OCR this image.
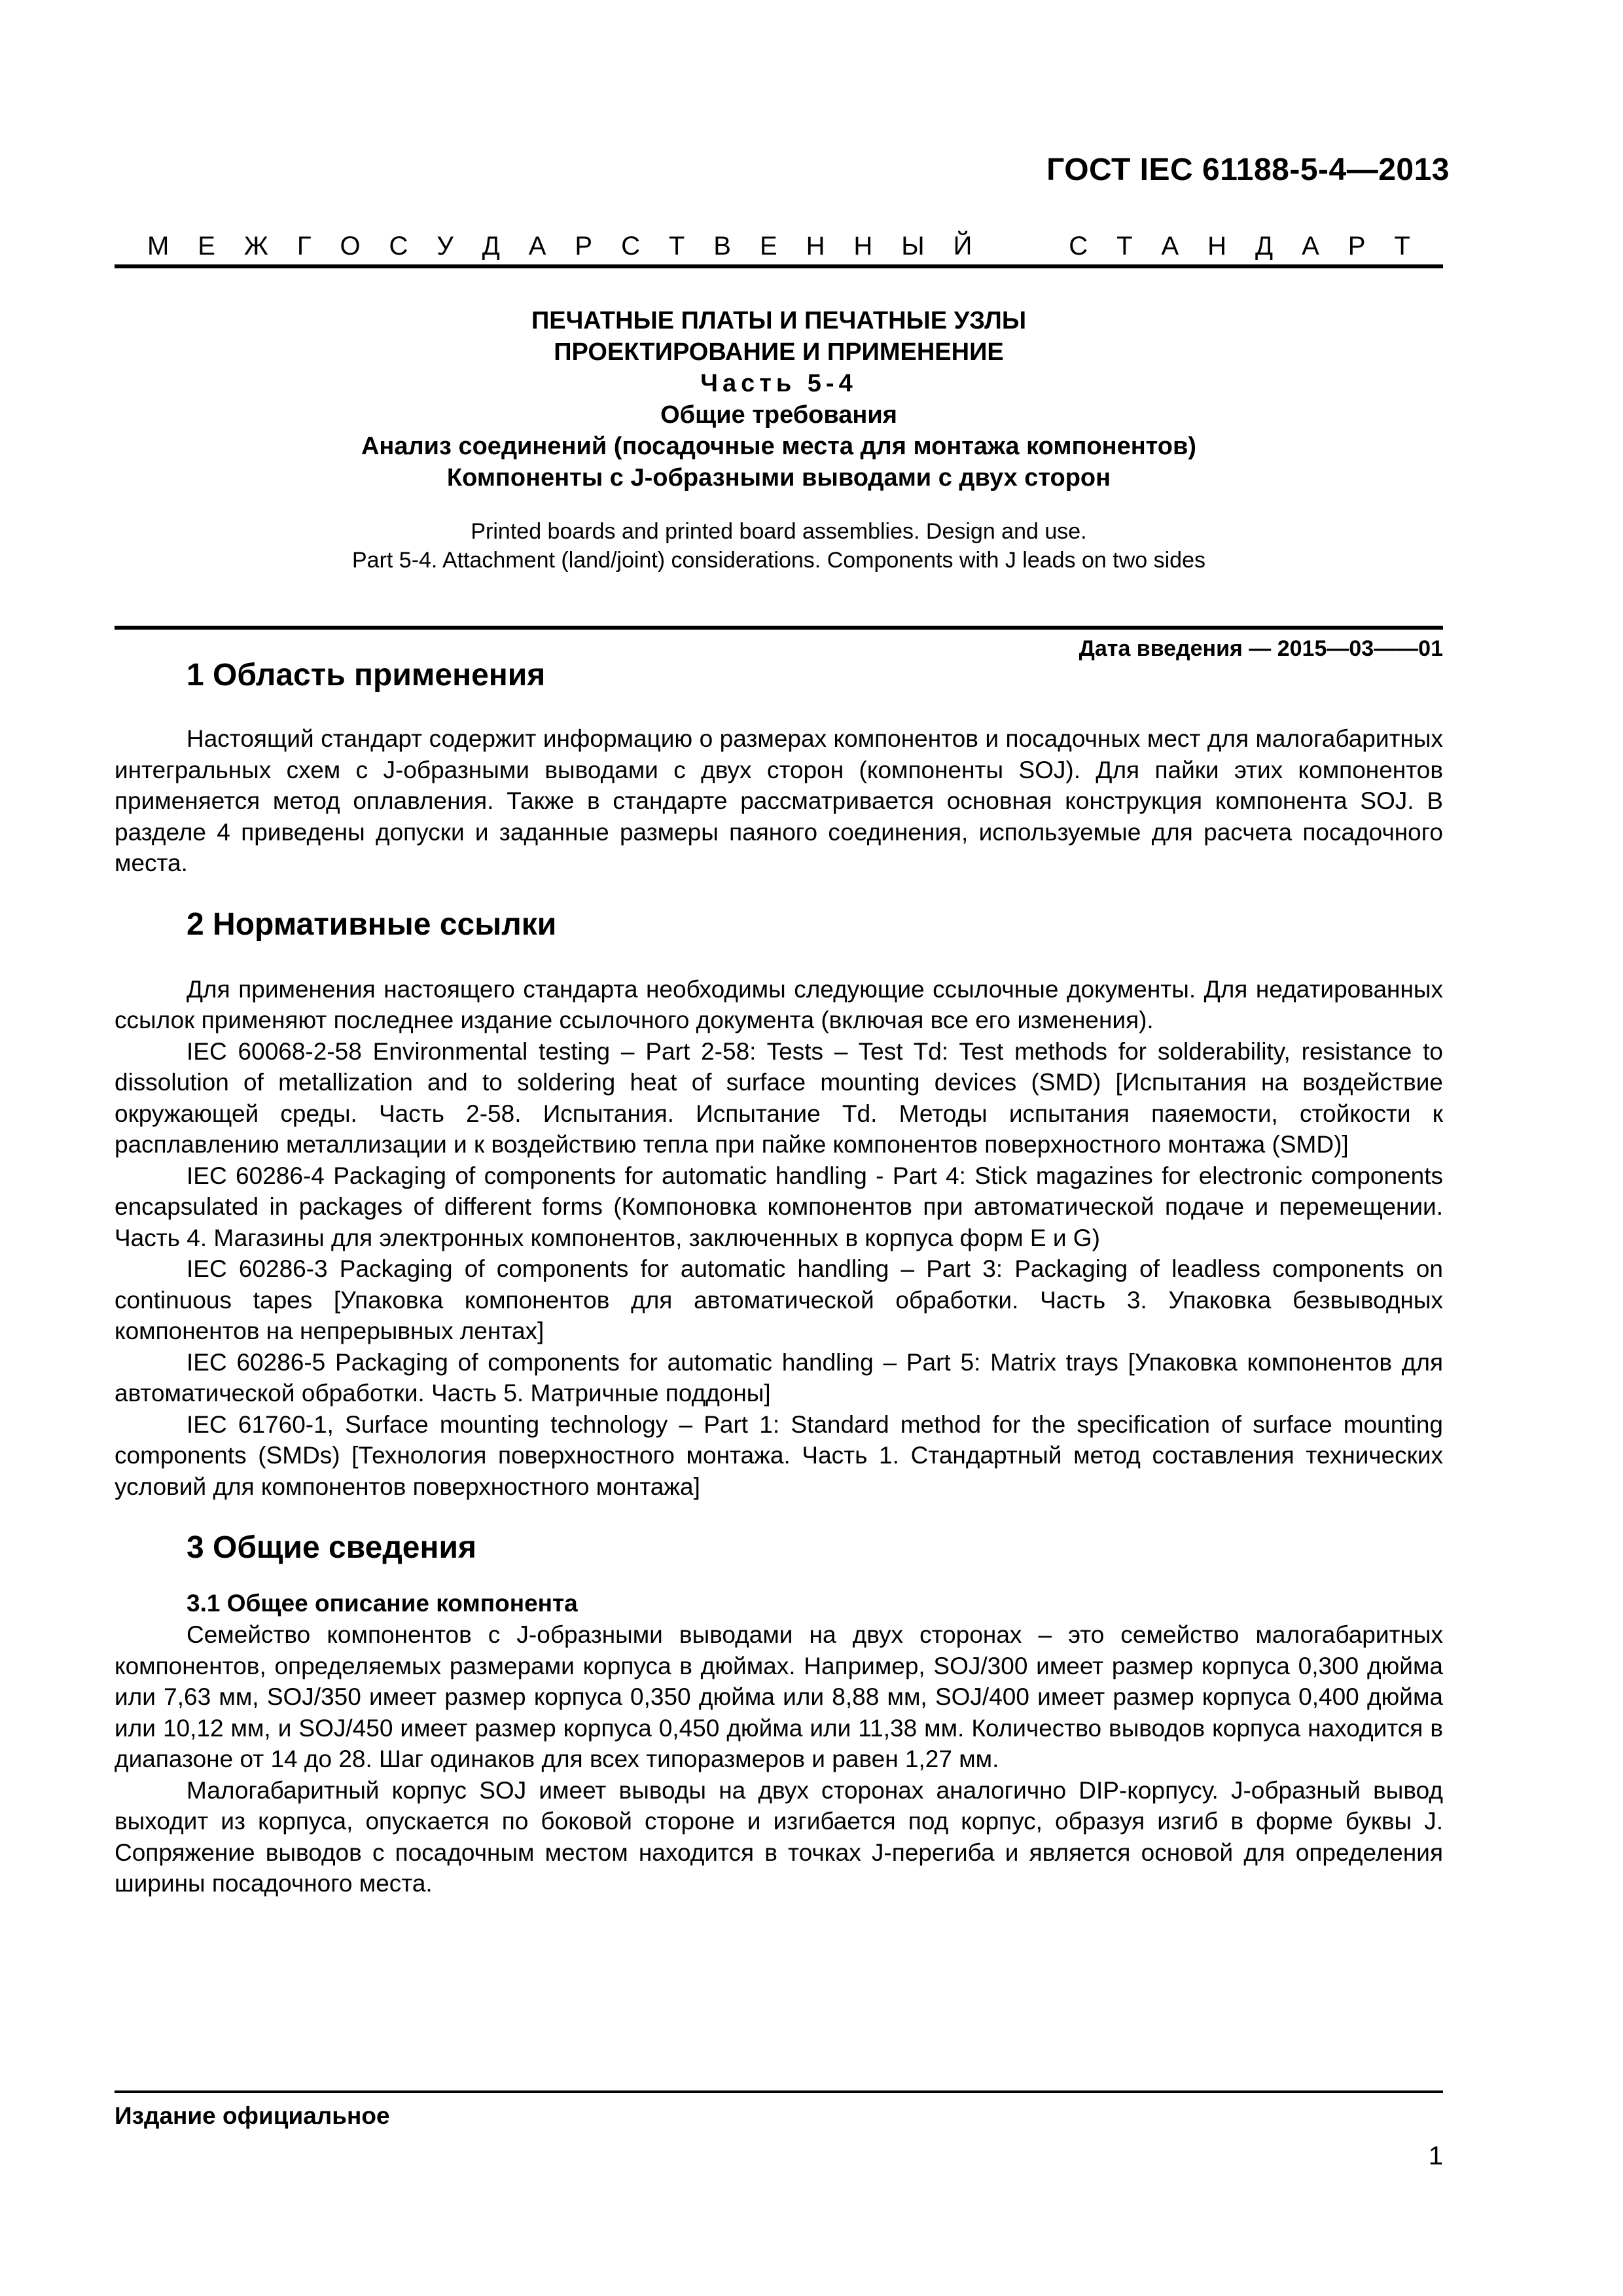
ГОСТ IEC 61188-5-4—2013
М Е Ж Г О С У Д А Р С Т В Е Н Н Ы Й	С Т А Н Д А Р Т
ПЕЧАТНЫЕ ПЛАТЫ И ПЕЧАТНЫЕ УЗЛЫ
ПРОЕКТИРОВАНИЕ И ПРИМЕНЕНИЕ
Часть 5-4
Общие требования
Анализ соединений (посадочные места для монтажа компонентов)
Компоненты с J-образными выводами с двух сторон
Printed boards and printed board assemblies. Design and use.
Part 5-4. Attachment (land/joint) considerations. Components with J leads on two sides
Дата введения — 2015—03——01
1 Область применения

Настоящий стандарт содержит информацию о размерах компонентов и посадочных мест для малогабаритных интегральных схем с J-образными выводами с двух сторон (компоненты SOJ). Для пайки этих компонентов применяется метод оплавления. Также в стандарте рассматривается основная конструкция компонента SOJ. В разделе 4 приведены допуски и заданные размеры паяного соединения, используемые для расчета посадочного места.

2 Нормативные ссылки

Для применения настоящего стандарта необходимы следующие ссылочные документы. Для недатированных ссылок применяют последнее издание ссылочного документа (включая все его изменения).

IEC 60068-2-58 Environmental testing – Part 2-58: Tests – Test Td: Test methods for solderability, resistance to dissolution of metallization and to soldering heat of surface mounting devices (SMD) [Испытания на воздействие окружающей среды. Часть 2-58. Испытания. Испытание Td. Методы испытания паяемости, стойкости к расплавлению металлизации и к воздействию тепла при пайке компонентов поверхностного монтажа (SMD)]

IEC 60286-4 Packaging of components for automatic handling - Part 4: Stick magazines for electronic components encapsulated in packages of different forms (Компоновка компонентов при автоматической подаче и перемещении. Часть 4. Магазины для электронных компонентов, заключенных в корпуса форм E и G)

IEC 60286-3 Packaging of components for automatic handling – Part 3: Packaging of leadless components on continuous tapes [Упаковка компонентов для автоматической обработки. Часть 3. Упаковка безвыводных компонентов на непрерывных лентах]

IEC 60286-5 Packaging of components for automatic handling – Part 5: Matrix trays [Упаковка компонентов для автоматической обработки. Часть 5. Матричные поддоны]

IEC 61760-1, Surface mounting technology – Part 1: Standard method for the specification of surface mounting components (SMDs) [Технология поверхностного монтажа. Часть 1. Стандартный метод составления технических условий для компонентов поверхностного монтажа]

3 Общие сведения
3.1 Общее описание компонента

Семейство компонентов с J-образными выводами на двух сторонах – это семейство малогабаритных компонентов, определяемых размерами корпуса в дюймах. Например, SOJ/300 имеет размер корпуса 0,300 дюйма или 7,63 мм, SOJ/350 имеет размер корпуса 0,350 дюйма или 8,88 мм, SOJ/400 имеет размер корпуса 0,400 дюйма или 10,12 мм, и SOJ/450 имеет размер корпуса 0,450 дюйма или 11,38 мм. Количество выводов корпуса находится в диапазоне от 14 до 28. Шаг одинаков для всех типоразмеров и равен 1,27 мм.

Малогабаритный корпус SOJ имеет выводы на двух сторонах аналогично DIP-корпусу. J-образный вывод выходит из корпуса, опускается по боковой стороне и изгибается под корпус, образуя изгиб в форме буквы J. Сопряжение выводов с посадочным местом находится в точках J-перегиба и является основой для определения ширины посадочного места.

Издание официальное
1
